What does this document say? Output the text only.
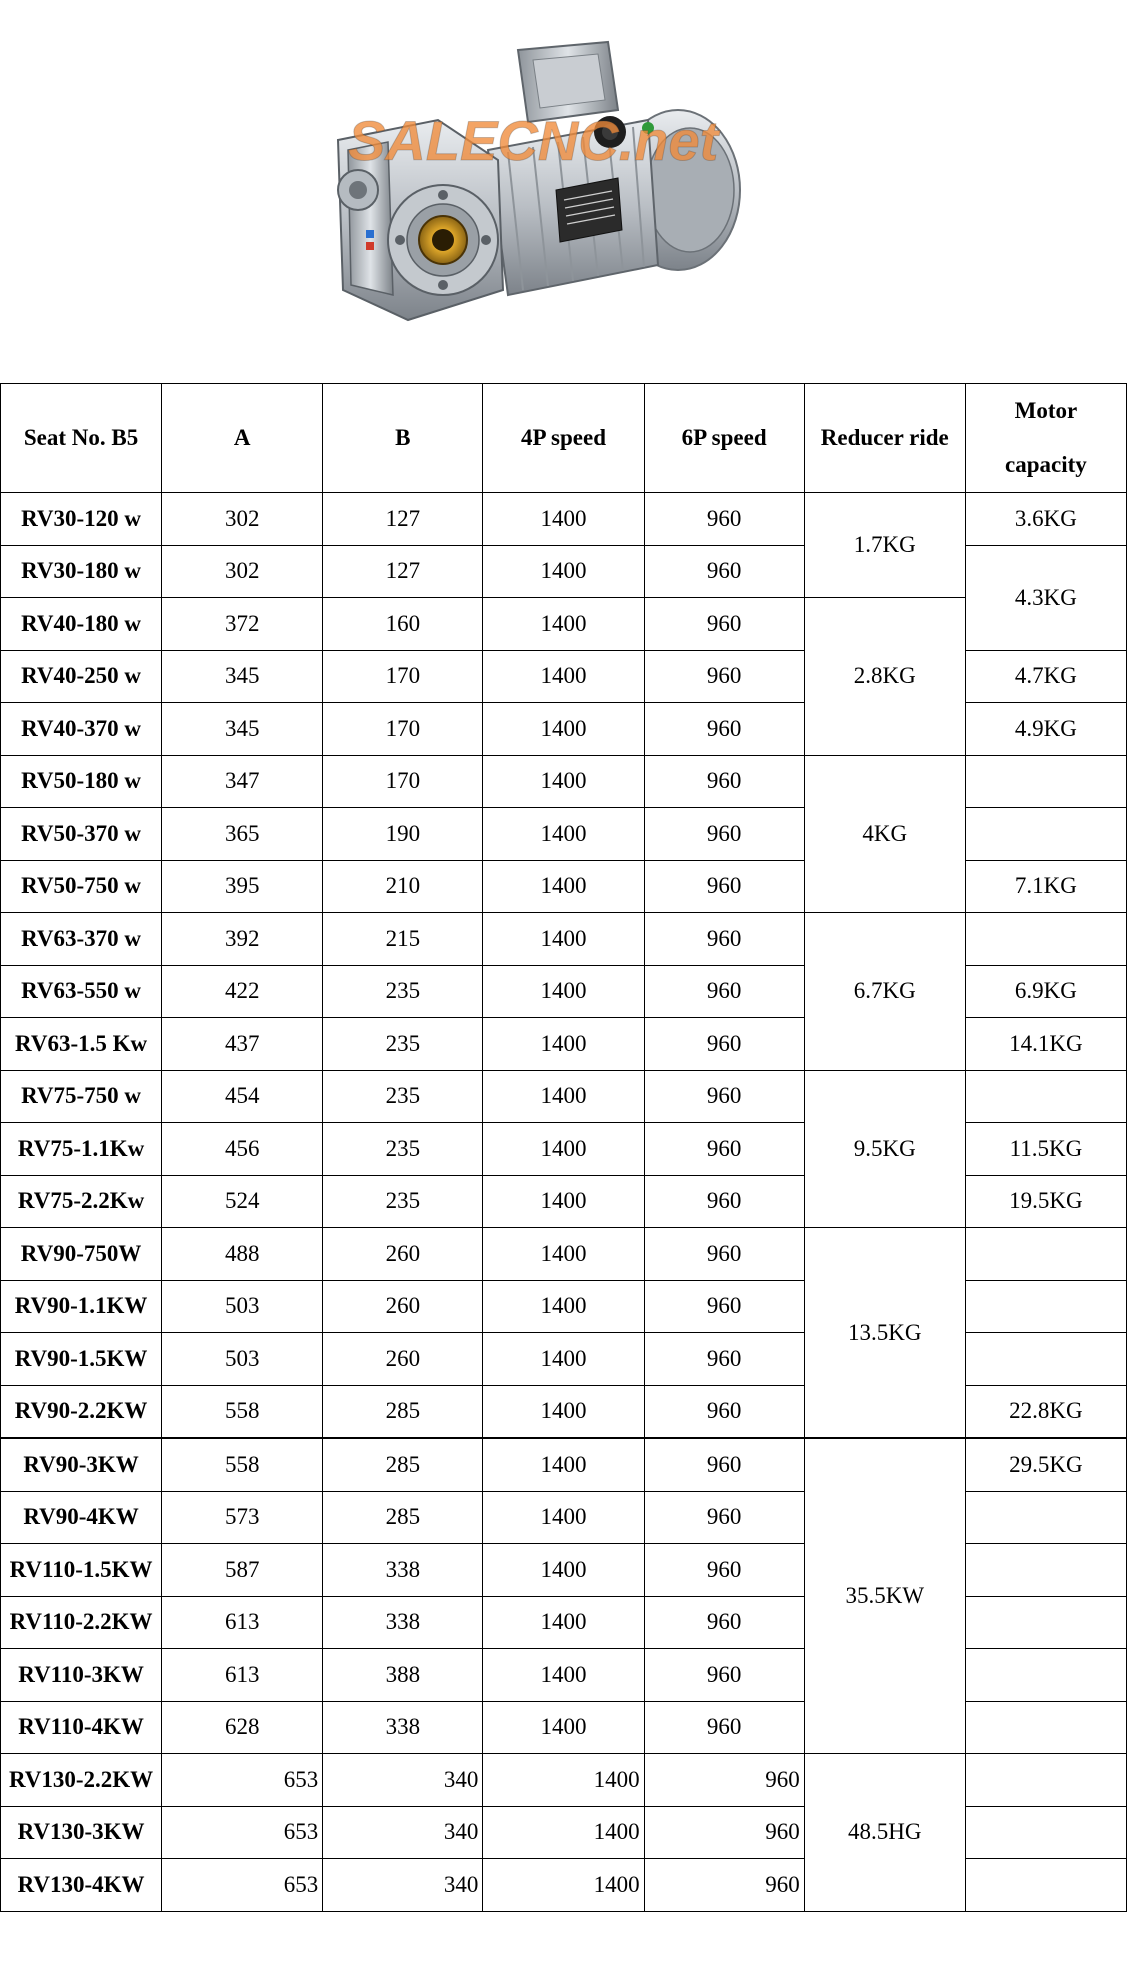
SALECNC.net
Seat No. B5	A	B	4P speed	6P speed	Reducer ride	Motor
capacity
RV30-120 w	302	127	1400	960	1.7KG	3.6KG
RV30-180 w	302	127	1400	960		4.3KG
RV40-180 w	372	160	1400	960	2.8KG	
RV40-250 w	345	170	1400	960		4.7KG
RV40-370 w	345	170	1400	960		4.9KG
RV50-180 w	347	170	1400	960	4KG	
RV50-370 w	365	190	1400	960		
RV50-750 w	395	210	1400	960		7.1KG
RV63-370 w	392	215	1400	960	6.7KG	
RV63-550 w	422	235	1400	960		6.9KG
RV63-1.5 Kw	437	235	1400	960		14.1KG
RV75-750 w	454	235	1400	960	9.5KG	
RV75-1.1Kw	456	235	1400	960		11.5KG
RV75-2.2Kw	524	235	1400	960		19.5KG
RV90-750W	488	260	1400	960	13.5KG	
RV90-1.1KW	503	260	1400	960		
RV90-1.5KW	503	260	1400	960		
RV90-2.2KW	558	285	1400	960		22.8KG
RV90-3KW	558	285	1400	960	35.5KW	29.5KG
RV90-4KW	573	285	1400	960		
RV110-1.5KW	587	338	1400	960		
RV110-2.2KW	613	338	1400	960		
RV110-3KW	613	388	1400	960		
RV110-4KW	628	338	1400	960		
RV130-2.2KW	653	340	1400	960	48.5HG	
RV130-3KW	653	340	1400	960		
RV130-4KW	653	340	1400	960		
